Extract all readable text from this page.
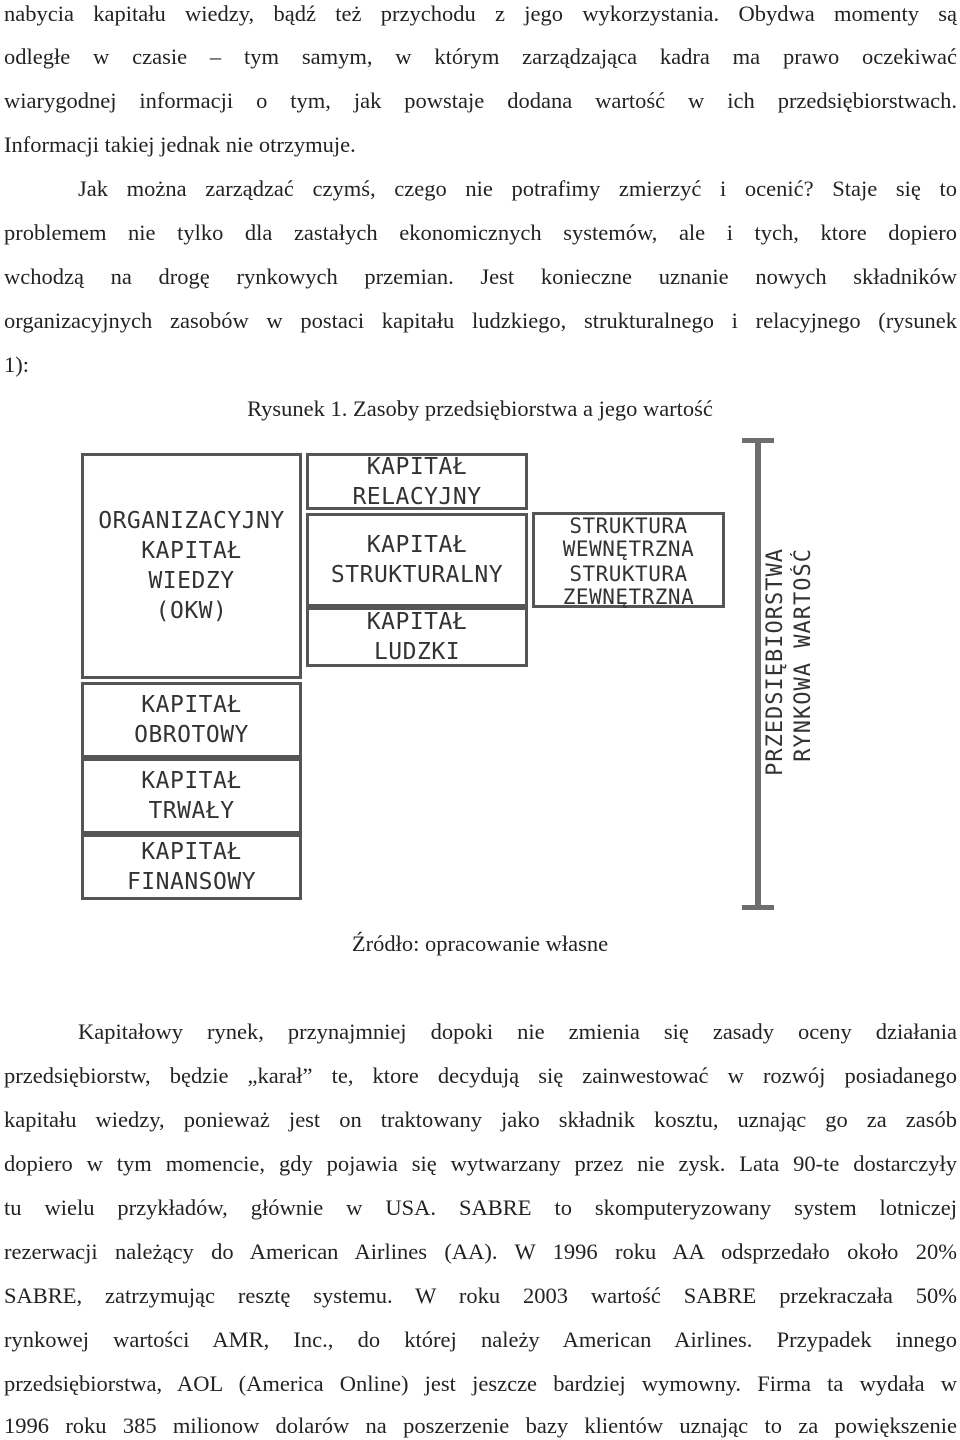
nabycia kapitału wiedzy, bądź też przychodu z jego wykorzystania. Obydwa momenty są
odległe w czasie – tym samym, w którym zarządzająca kadra ma prawo oczekiwać
wiarygodnej informacji o tym, jak powstaje dodana wartość w ich przedsiębiorstwach.
Informacji takiej jednak nie otrzymuje.
Jak można zarządzać czymś, czego nie potrafimy zmierzyć i ocenić? Staje się to
problemem nie tylko dla zastałych ekonomicznych systemów, ale i tych, ktore dopiero
wchodzą na drogę rynkowych przemian. Jest konieczne uznanie nowych składników
organizacyjnych zasobów w postaci kapitału ludzkiego, strukturalnego i relacyjnego (rysunek
1):
Rysunek 1. Zasoby przedsiębiorstwa a jego wartość
ORGANIZACYJNY
KAPITAŁ
WIEDZY
(OKW)
KAPITAŁ
OBROTOWY
KAPITAŁ
TRWAŁY
KAPITAŁ
FINANSOWY
KAPITAŁ
RELACYJNY
KAPITAŁ
STRUKTURALNY
KAPITAŁ
LUDZKI
STRUKTURA
WEWNĘTRZNA
STRUKTURA
ZEWNĘTRZNA	RYNKOWA WARTOŚĆ
PRZEDSIĘBIORSTWA
Źródło: opracowanie własne
Kapitałowy rynek, przynajmniej dopoki nie zmienia się zasady oceny działania
przedsiębiorstw, będzie „karał” te, ktore decydują się zainwestować w rozwój posiadanego
kapitału wiedzy, ponieważ jest on traktowany jako składnik kosztu, uznając go za zasób
dopiero w tym momencie, gdy pojawia się wytwarzany przez nie zysk. Lata 90-te dostarczyły
tu wielu przykładów, głównie w USA. SABRE to skomputeryzowany system lotniczej
rezerwacji należący do American Airlines (AA). W 1996 roku AA odsprzedało około 20%
SABRE, zatrzymując resztę systemu. W roku 2003 wartość SABRE przekraczała 50%
rynkowej wartości AMR, Inc., do której należy American Airlines. Przypadek innego
przedsiębiorstwa, AOL (America Online) jest jeszcze bardziej wymowny. Firma ta wydała w
1996 roku 385 milionow dolarów na poszerzenie bazy klientów uznając to za powiększenie
